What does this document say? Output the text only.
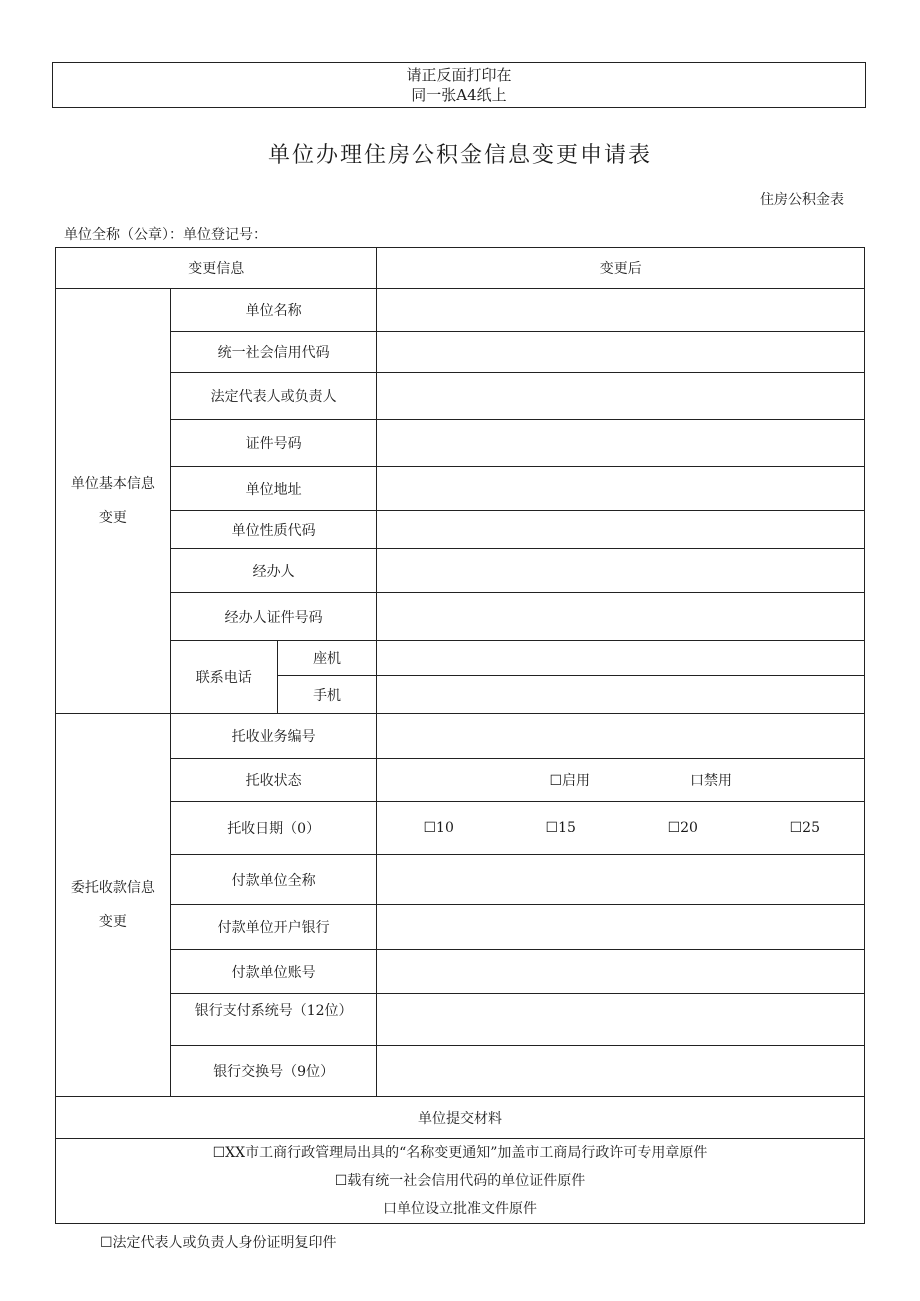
请正反面打印在
同一张A4纸上
单位办理住房公积金信息变更申请表
住房公积金表
单位全称（公章）：单位登记号：
变更信息			变更后

单位基本信息
变更	单位名称		
	统一社会信用代码		
	法定代表人或负责人		
	证件号码		
	单位地址		
	单位性质代码		
	经办人		
	经办人证件号码		
	联系电话	座机	
		手机	

委托收款信息
变更	托收业务编号		
	托收状态		☐启用 口禁用

	托收日期（0）		☐10 ☐15 ☐20 ☐25

	付款单位全称		
	付款单位开户银行		
	付款单位账号		
	银行支付系统号（12位）		
	银行交换号（9位）		
单位提交材料			

☐XX市工商行政管理局出具的“名称变更通知”加盖市工商局行政许可专用章原件
☐载有统一社会信用代码的单位证件原件
口单位设立批准文件原件			
☐法定代表人或负责人身份证明复印件
